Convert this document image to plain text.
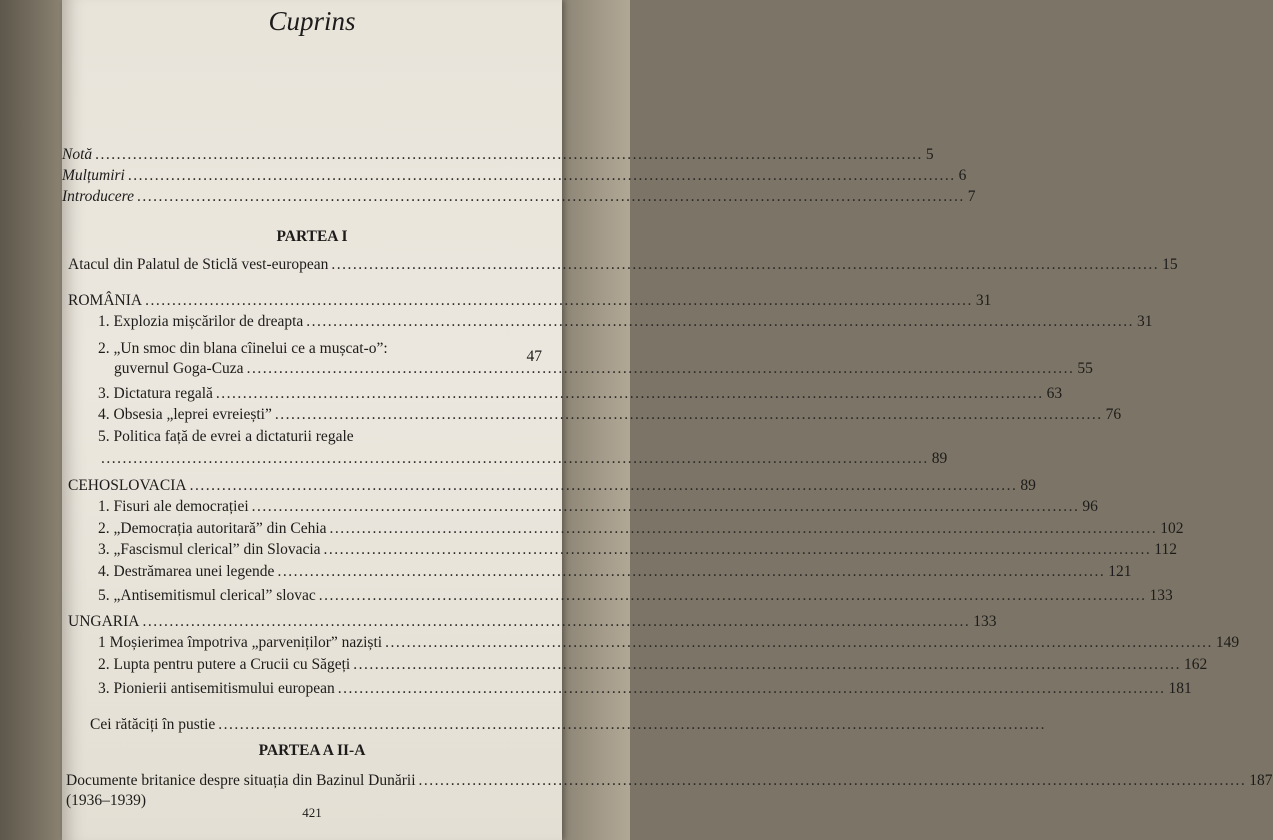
Cuprins
Notă .......................................................................................................................................................... 5
Mulțumiri .......................................................................................................................................................... 6
Introducere .......................................................................................................................................................... 7
PARTEA I
Atacul din Palatul de Sticlă vest-european .......................................................................................................................................................... 15
ROMÂNIA .......................................................................................................................................................... 31
1. Explozia mișcărilor de dreapta .......................................................................................................................................................... 31
2. „Un smoc din blana cîinelui ce a mușcat-o”:	47
guvernul Goga-Cuza .......................................................................................................................................................... 55
3. Dictatura regală .......................................................................................................................................................... 63
4. Obsesia „leprei evreiești” .......................................................................................................................................................... 76
5. Politica față de evrei a dictaturii regale
.......................................................................................................................................................... 89
CEHOSLOVACIA .......................................................................................................................................................... 89
1. Fisuri ale democrației .......................................................................................................................................................... 96
2. „Democrația autoritară” din Cehia .......................................................................................................................................................... 102
3. „Fascismul clerical” din Slovacia .......................................................................................................................................................... 112
4. Destrămarea unei legende .......................................................................................................................................................... 121
5. „Antisemitismul clerical” slovac .......................................................................................................................................................... 133
UNGARIA .......................................................................................................................................................... 133
1 Moșierimea împotriva „parveniților” naziști .......................................................................................................................................................... 149
2. Lupta pentru putere a Crucii cu Săgeți .......................................................................................................................................................... 162
3. Pionierii antisemitismului european .......................................................................................................................................................... 181
Cei rătăciți în pustie ..........................................................................................................................................................
PARTEA A II-A
Documente britanice despre situația din Bazinul Dunării .......................................................................................................................................................... 187
(1936–1939)
421
